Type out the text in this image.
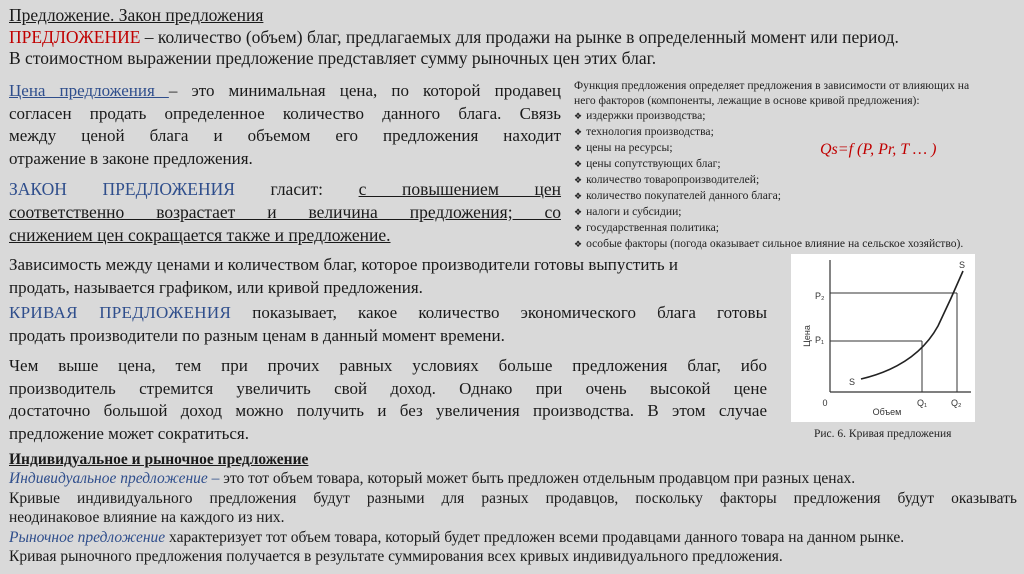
Предложение. Закон предложения
ПРЕДЛОЖЕНИЕ – количество (объем) благ, предлагаемых для продажи на рынке в определенный момент или период.
В стоимостном выражении предложение представляет сумму рыночных цен этих благ.
Цена предложения – это минимальная цена, по которой продавец
согласен продать определенное количество данного блага. Связь
между ценой блага и объемом его предложения находит
отражение в законе предложения.
ЗАКОН ПРЕДЛОЖЕНИЯ гласит: с повышением цен
соответственно возрастает и величина предложения; со
снижением цен сокращается также и предложение.
Функция предложения определяет предложения в зависимости от влияющих на
него факторов (компоненты, лежащие в основе кривой предложения):
❖ издержки производства;
❖ технология производства;
❖ цены на ресурсы;
❖ цены сопутствующих благ;
❖ количество товаропроизводителей;
❖ количество покупателей данного блага;
❖ налоги и субсидии;
❖ государственная политика;
❖ особые факторы (погода оказывает сильное влияние на сельское хозяйство).
Qs=f (P, Pr, T … )
Зависимость между ценами и количеством благ, которое производители готовы выпустить и
продать, называется графиком, или кривой предложения.
КРИВАЯ ПРЕДЛОЖЕНИЯ показывает, какое количество экономического блага готовы
продать производители по разным ценам в данный момент времени.
Чем выше цена, тем при прочих равных условиях больше предложения благ, ибо
производитель стремится увеличить свой доход. Однако при очень высокой цене
достаточно большой доход можно получить и без увеличения производства. В этом случае
предложение может сократиться.
Цена
Объем
0
P₂
P₁
Q₁	Q₂
S
S
Рис. 6. Кривая предложения
Индивидуальное и рыночное предложение
Индивидуальное предложение – это тот объем товара, который может быть предложен отдельным продавцом при разных ценах.
Кривые индивидуального предложения будут разными для разных продавцов, поскольку факторы предложения будут оказывать
неодинаковое влияние на каждого из них.
Рыночное предложение характеризует тот объем товара, который будет предложен всеми продавцами данного товара на данном рынке.
Кривая рыночного предложения получается в результате суммирования всех кривых индивидуального предложения.
